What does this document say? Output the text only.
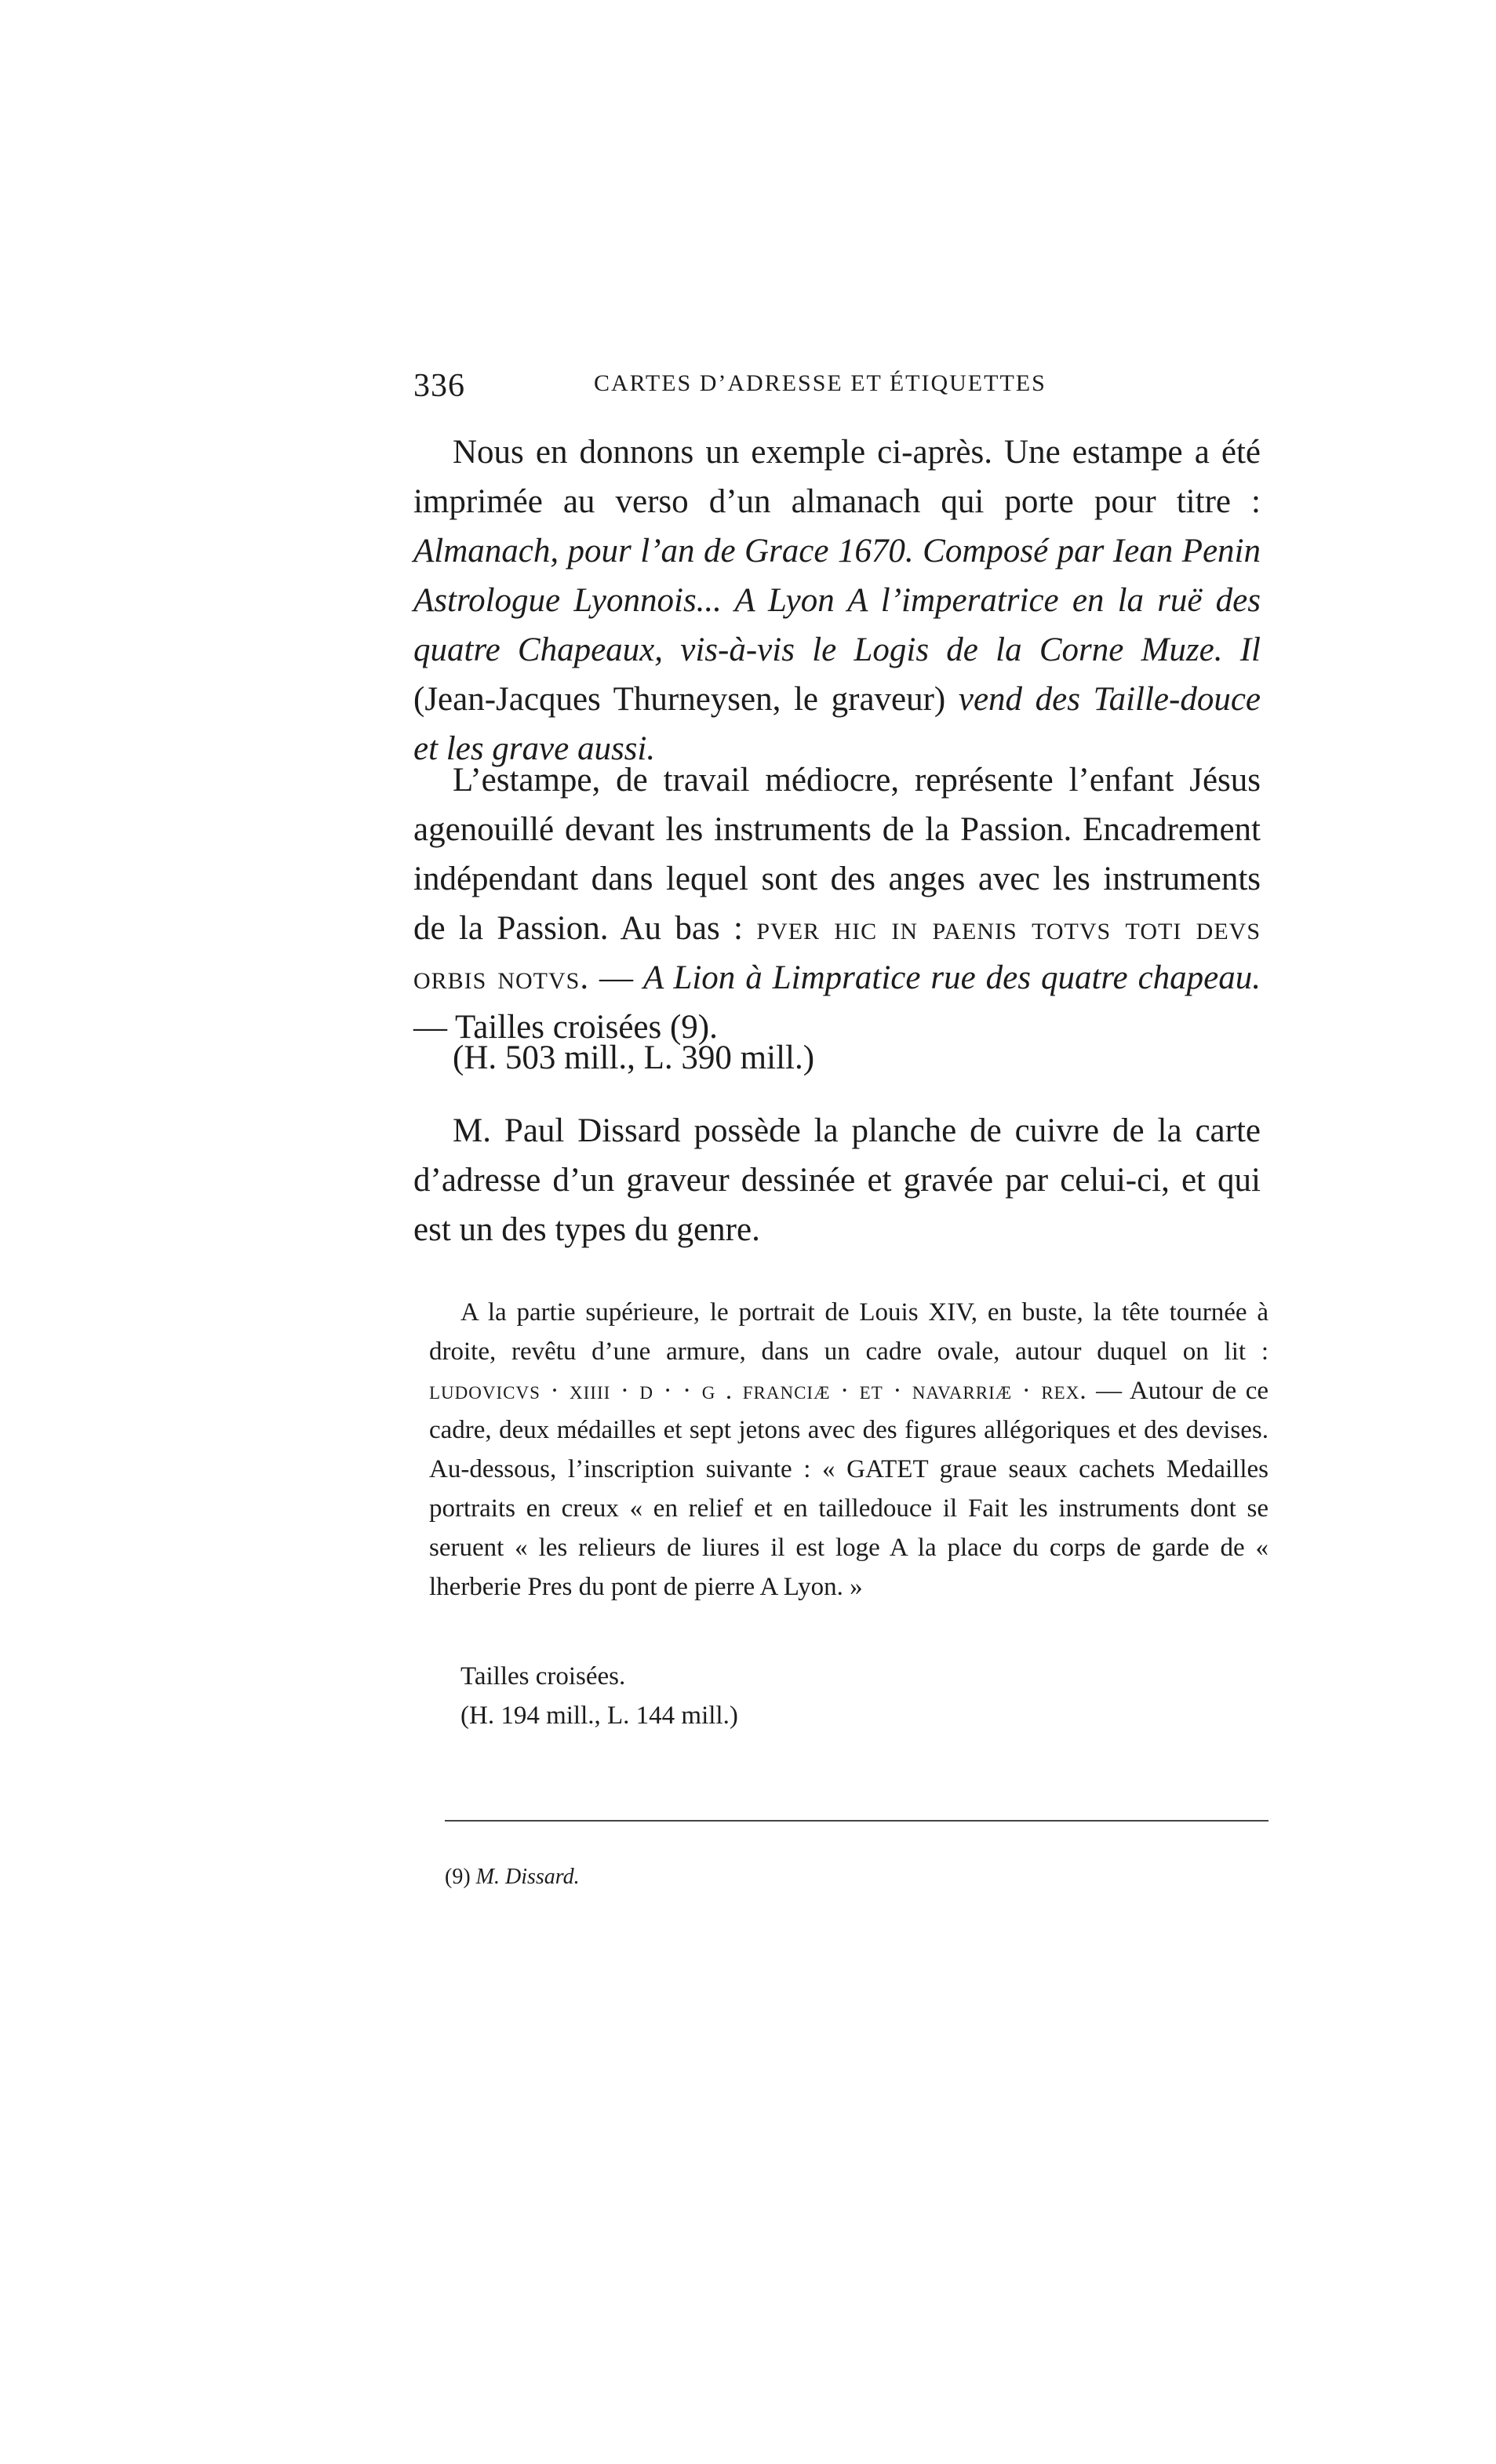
336	CARTES D’ADRESSE ET ÉTIQUETTES

Nous en donnons un exemple ci-après. Une estampe a été imprimée au verso d’un almanach qui porte pour titre : Almanach, pour l’an de Grace 1670. Composé par Iean Penin Astrologue Lyonnois... A Lyon A l’imperatrice en la ruë des quatre Chapeaux, vis-à-vis le Logis de la Corne Muze. Il (Jean-Jacques Thurneysen, le graveur) vend des Taille-douce et les grave aussi.

L’estampe, de travail médiocre, représente l’enfant Jésus agenouillé devant les instruments de la Passion. Encadrement indépendant dans lequel sont des anges avec les instruments de la Passion. Au bas : pver hic in paenis totvs toti devs orbis notvs. — A Lion à Limpratice rue des quatre chapeau. — Tailles croisées (9).

(H. 503 mill., L. 390 mill.)

M. Paul Dissard possède la planche de cuivre de la carte d’adresse d’un graveur dessinée et gravée par celui-ci, et qui est un des types du genre.

A la partie supérieure, le portrait de Louis XIV, en buste, la tête tournée à droite, revêtu d’une armure, dans un cadre ovale, autour duquel on lit : ludovicvs · xiiii · d · · g . franciæ · et · navarriæ · rex. — Autour de ce cadre, deux médailles et sept jetons avec des figures allégoriques et des devises. Au-dessous, l’inscription suivante : « GATET graue seaux cachets Medailles portraits en creux « en relief et en tailledouce il Fait les instruments dont se seruent « les relieurs de liures il est loge A la place du corps de garde de « lherberie Pres du pont de pierre A Lyon. »

Tailles croisées.
(H. 194 mill., L. 144 mill.)
(9) M. Dissard.
